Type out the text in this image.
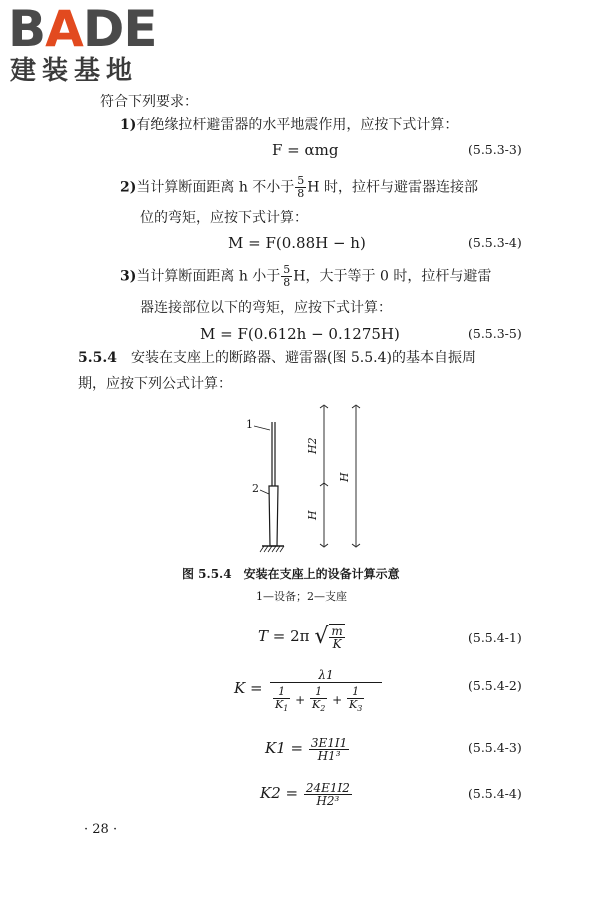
BADE
建装基地
符合下列要求：
1)有绝缘拉杆避雷器的水平地震作用，应按下式计算：
F = αmg	(5.5.3-3)
2)当计算断面距离 h 不小于 $\frac{5}{8}$ H 时，拉杆与避雷器连接部
位的弯矩，应按下式计算：
M = F(0.88H − h)	(5.5.3-4)
3)当计算断面距离 h 小于 $\frac{5}{8}$ H，大于等于 0 时，拉杆与避雷
器连接部位以下的弯矩，应按下式计算：
M = F(0.612h − 0.1275H)	(5.5.3-5)
5.5.4　 安装在支座上的断路器、避雷器(图 5.5.4)的基本自振周
期，应按下列公式计算：
1
2
H2
H
H
图 5.5.4　安装在支座上的设备计算示意
1—设备；2—支座
T = 2π √ $\frac{m}{K}$	(5.5.4-1)
K =
λ1
$\frac{1}{K_1} + \frac{1}{K_2} + \frac{1}{K_3}$
(5.5.4-2)
$K1 = \frac{3E1I1}{\text{H1³}}$	(5.5.4-3)
$K2 = \frac{24E1I2}{\text{H2³}}$	(5.5.4-4)
· 28 ·
